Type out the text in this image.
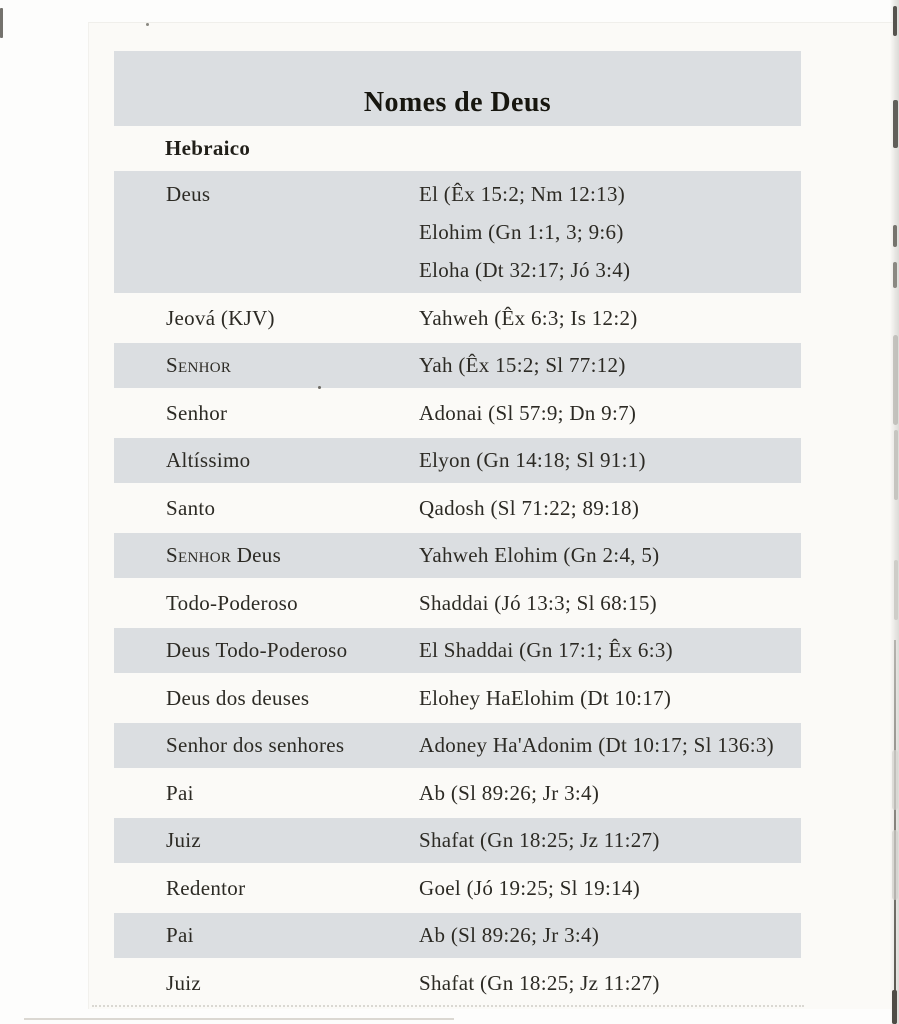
Nomes de Deus
Hebraico
Deus	El (Êx 15:2; Nm 12:13)
Elohim (Gn 1:1, 3; 9:6)
Eloha (Dt 32:17; Jó 3:4)
Jeová (KJV)	Yahweh (Êx 6:3; Is 12:2)
Senhor	Yah (Êx 15:2; Sl 77:12)
Senhor	Adonai (Sl 57:9; Dn 9:7)
Altíssimo	Elyon (Gn 14:18; Sl 91:1)
Santo	Qadosh (Sl 71:22; 89:18)
Senhor Deus	Yahweh Elohim (Gn 2:4, 5)
Todo-Poderoso	Shaddai (Jó 13:3; Sl 68:15)
Deus Todo-Poderoso	El Shaddai (Gn 17:1; Êx 6:3)
Deus dos deuses	Elohey HaElohim (Dt 10:17)
Senhor dos senhores	Adoney Ha'Adonim (Dt 10:17; Sl 136:3)
Pai	Ab (Sl 89:26; Jr 3:4)
Juiz	Shafat (Gn 18:25; Jz 11:27)
Redentor	Goel (Jó 19:25; Sl 19:14)
Pai	Ab (Sl 89:26; Jr 3:4)
Juiz	Shafat (Gn 18:25; Jz 11:27)
